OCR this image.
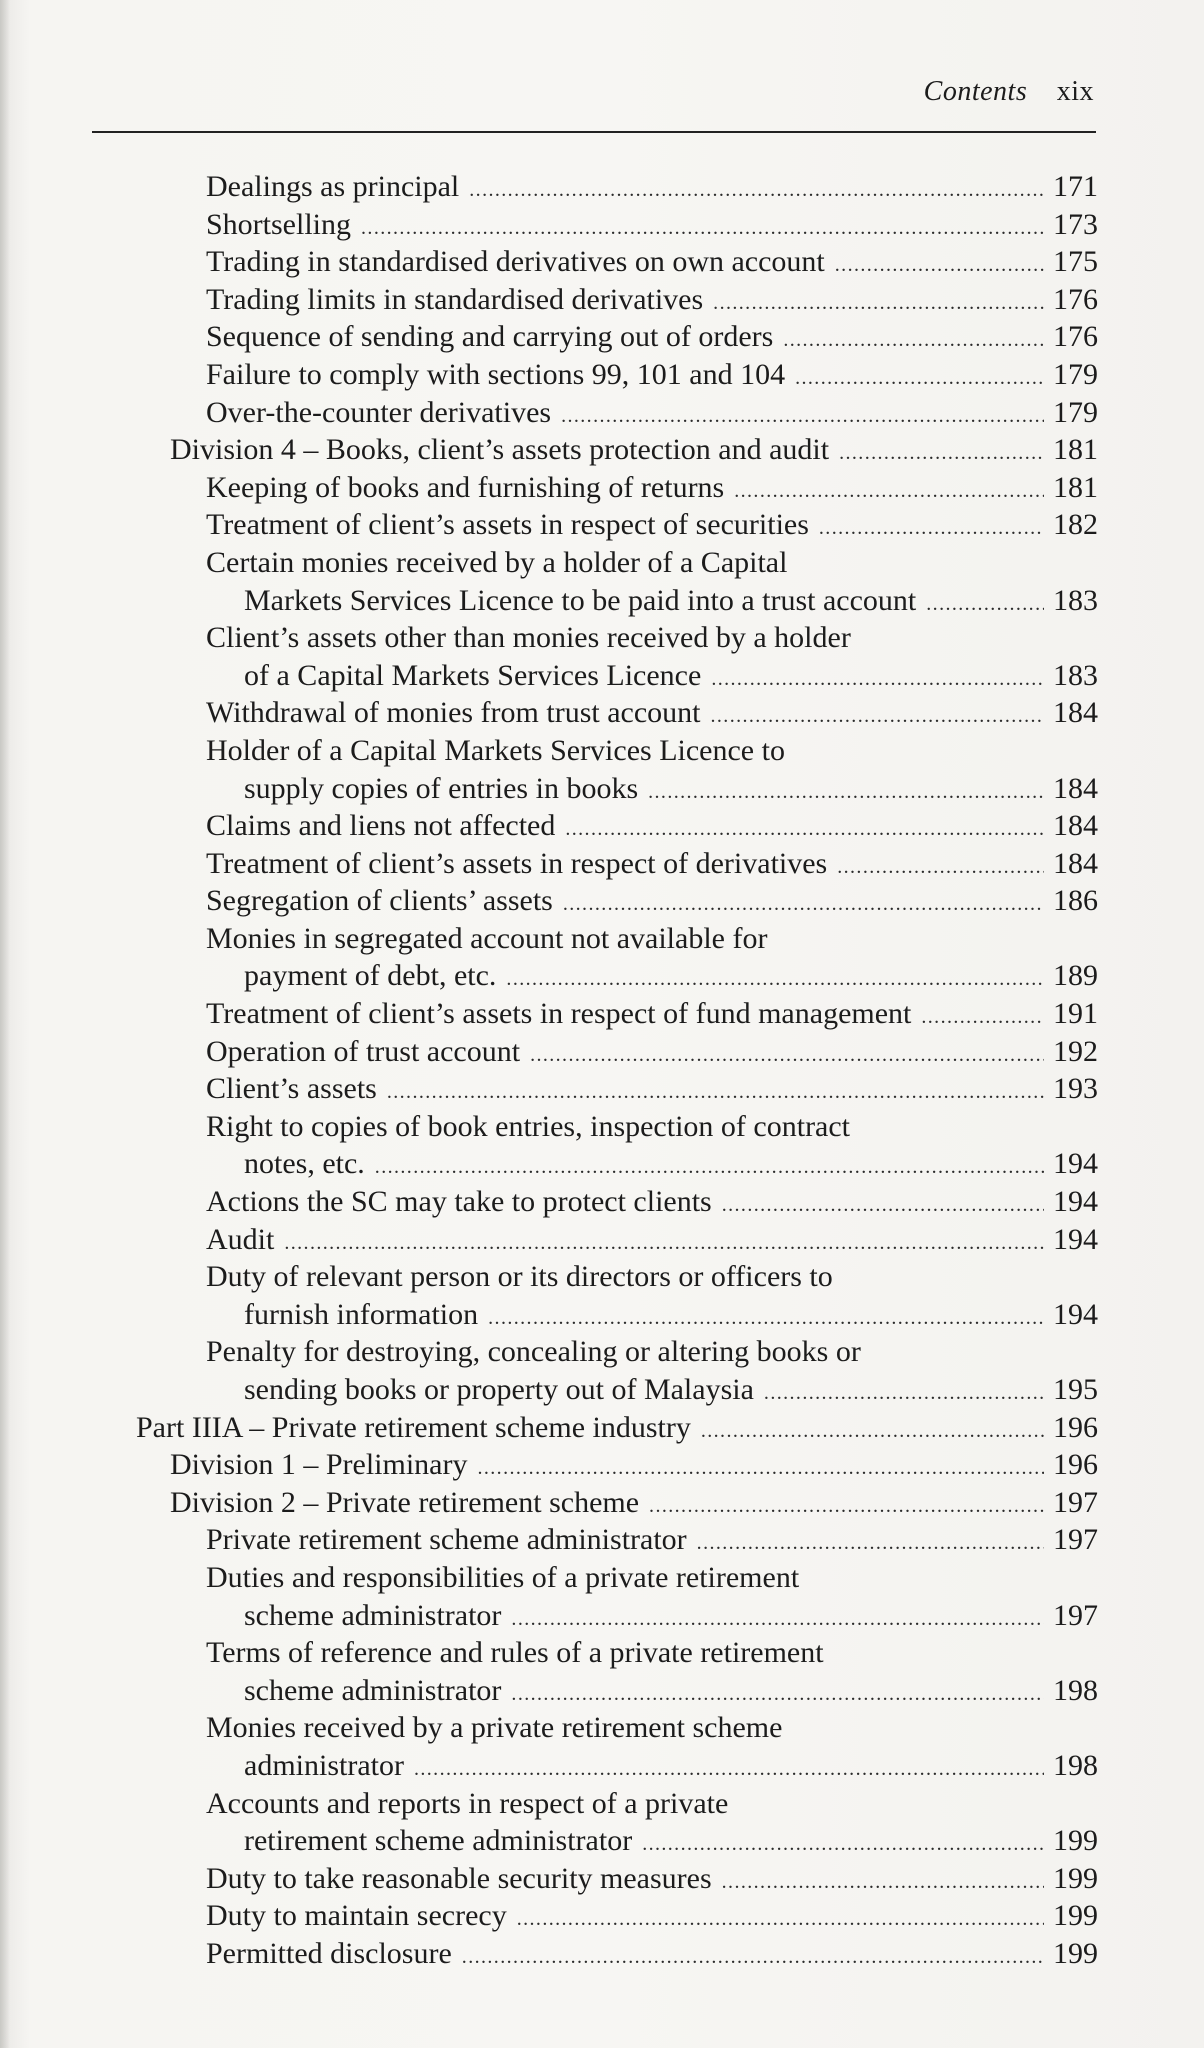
Contents xix
Dealings as principal .....	171
Shortselling .....	173
Trading in standardised derivatives on own account .....	175
Trading limits in standardised derivatives .....	176
Sequence of sending and carrying out of orders .....	176
Failure to comply with sections 99, 101 and 104 .....	179
Over-the-counter derivatives .....	179
Division 4 – Books, client’s assets protection and audit .....	181
Keeping of books and furnishing of returns .....	181
Treatment of client’s assets in respect of securities .....	182
Certain monies received by a holder of a Capital
Markets Services Licence to be paid into a trust account .....	183
Client’s assets other than monies received by a holder
of a Capital Markets Services Licence .....	183
Withdrawal of monies from trust account .....	184
Holder of a Capital Markets Services Licence to
supply copies of entries in books .....	184
Claims and liens not affected .....	184
Treatment of client’s assets in respect of derivatives .....	184
Segregation of clients’ assets .....	186
Monies in segregated account not available for
payment of debt, etc. .....	189
Treatment of client’s assets in respect of fund management .....	191
Operation of trust account .....	192
Client’s assets .....	193
Right to copies of book entries, inspection of contract
notes, etc. .....	194
Actions the SC may take to protect clients .....	194
Audit .....	194
Duty of relevant person or its directors or officers to
furnish information .....	194
Penalty for destroying, concealing or altering books or
sending books or property out of Malaysia .....	195
Part IIIA – Private retirement scheme industry .....	196
Division 1 – Preliminary .....	196
Division 2 – Private retirement scheme .....	197
Private retirement scheme administrator .....	197
Duties and responsibilities of a private retirement
scheme administrator .....	197
Terms of reference and rules of a private retirement
scheme administrator .....	198
Monies received by a private retirement scheme
administrator .....	198
Accounts and reports in respect of a private
retirement scheme administrator .....	199
Duty to take reasonable security measures .....	199
Duty to maintain secrecy .....	199
Permitted disclosure .....	199
